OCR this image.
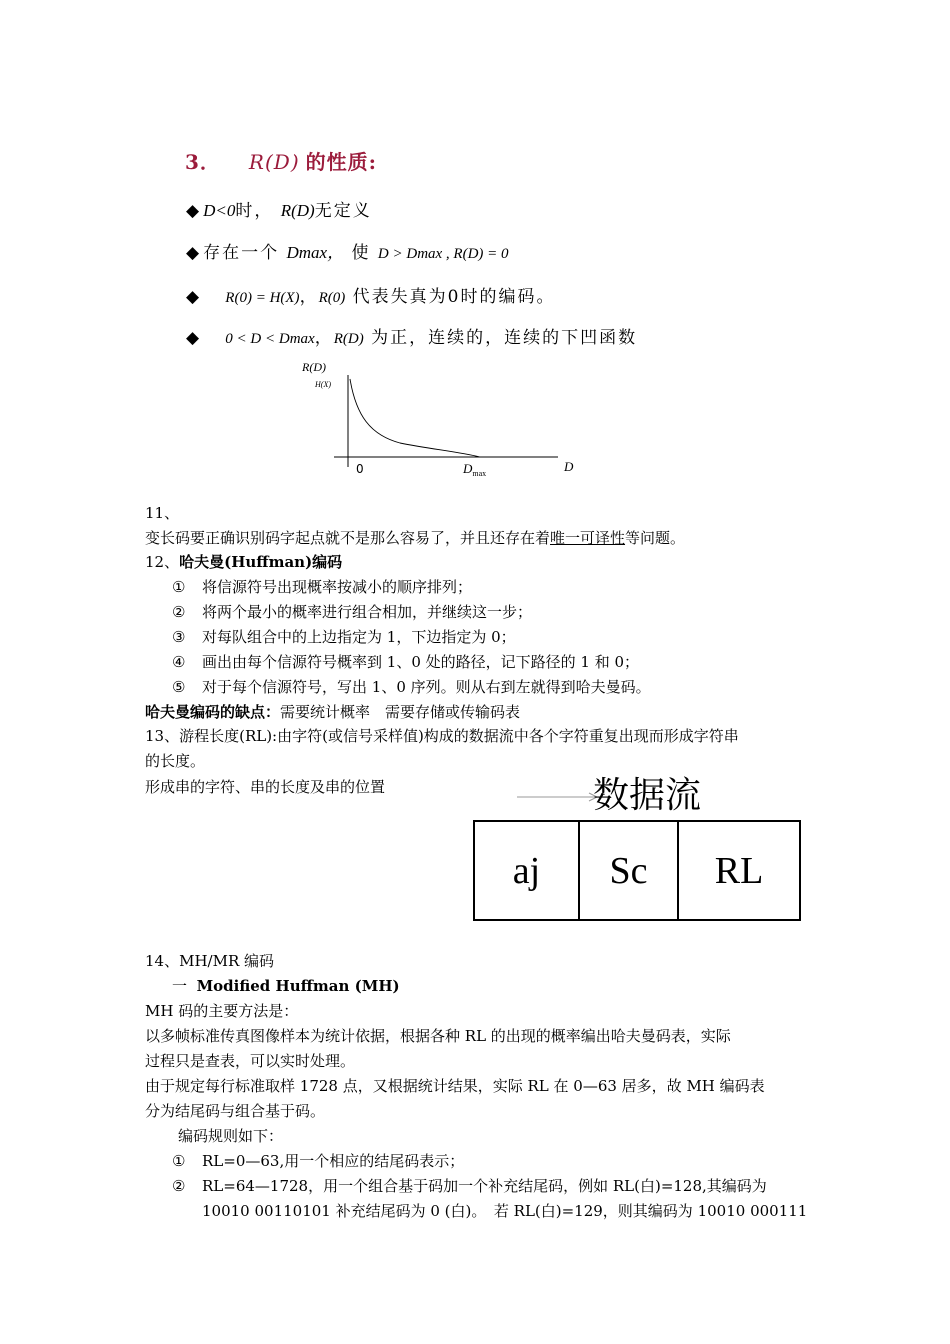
3． R(D) 的性质:
◆ D<0时， R(D)无定义
◆ 存在一个 Dmax， 使 D > Dmax , R(D) = 0
◆ R(0) = H(X)，R(0) 代表失真为0时的编码。
◆ 0 < D < Dmax，R(D) 为正，连续的，连续的下凹函数
R(D)
H(X)
0	$D_{max}$	D
11、
变长码要正确识别码字起点就不是那么容易了，并且还存在着唯一可译性等问题。
12、哈夫曼(Huffman)编码
① 将信源符号出现概率按减小的顺序排列；
② 将两个最小的概率进行组合相加，并继续这一步；
③ 对每队组合中的上边指定为 1，下边指定为 0；
④ 画出由每个信源符号概率到 1、0 处的路径，记下路径的 1 和 0；
⑤ 对于每个信源符号，写出 1、0 序列。则从右到左就得到哈夫曼码。
哈夫曼编码的缺点：需要统计概率　需要存储或传输码表
13、游程长度(RL):由字符(或信号采样值)构成的数据流中各个字符重复出现而形成字符串
的长度。
形成串的字符、串的长度及串的位置	数据流
aj	Sc	RL
14、MH/MR 编码
一 Modified Huffman (MH)
MH 码的主要方法是：
以多帧标准传真图像样本为统计依据，根据各种 RL 的出现的概率编出哈夫曼码表，实际
过程只是查表，可以实时处理。
由于规定每行标准取样 1728 点，又根据统计结果，实际 RL 在 0—63 居多，故 MH 编码表
分为结尾码与组合基于码。
编码规则如下：
① RL=0—63,用一个相应的结尾码表示；
② RL=64—1728，用一个组合基于码加一个补充结尾码，例如 RL(白)=128,其编码为
10010 00110101 补充结尾码为 0 (白)。　若 RL(白)=129，则其编码为 10010 000111
